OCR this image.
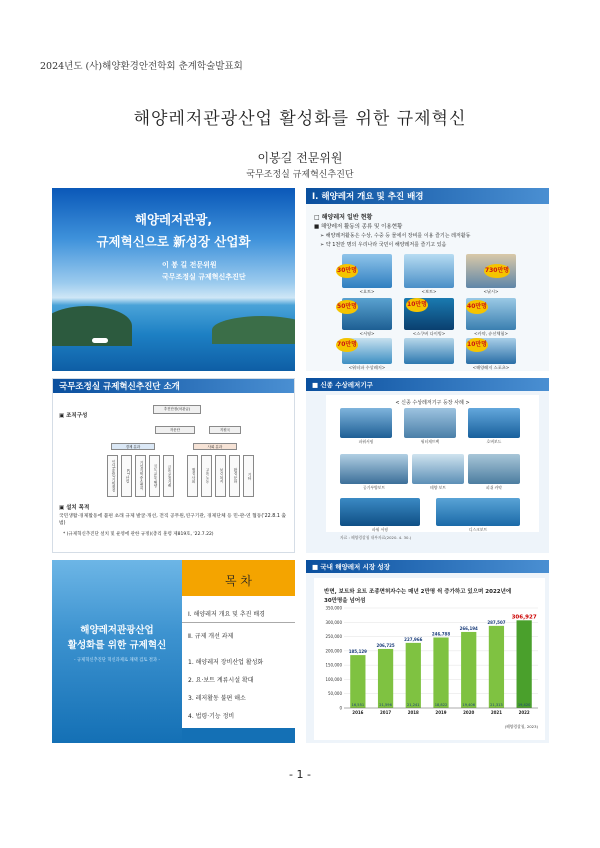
2024년도 (사)해양환경안전학회 춘계학술발표회
해양레저관광산업 활성화를 위한 규제혁신
이봉길 전문위원
국무조정실 규제혁신추진단
해양레저관광,
규제혁신으로 新성장 산업화
이 봉 길 전문위원
국무조정실 규제혁신추진단
Ⅰ. 해양레저 개요 및 추진 배경
□ 해양레저 일반 현황
■ 해양레저 활동의 종류 및 이용현황
➢ 해양레저활동은 수상, 수중 등 물에서 장비를 이용 즐기는 레저활동
➢ 약 1천만 명의 우리나라 국민이 해양레저를 즐기고 있음
30만명	730만명
50만명	10만명	40만명
70만명	10만명
<요트>	<보트>	<낚시>
<서핑>	<스쿠버 다이빙>	<카약, 슈선체험>
<워터파 수상레저>	<해양레저 스포츠>
국무조정실 규제혁신추진단 소개
▣ 조직구성
추진단장(차관급)
자문단	지원국
경제 분과	사회 분과
인사(총괄)·기획재정	ICT·산업	기업지원·중소벤처	국토·교통·해양	금융·공정거래	행정·사회	고용·노동	보건·복지	환경·문화	기타
▣ 설치 목적
국민생활·경제활동에 불편 초래 규제 발굴·개선, 전직 공무원,연구기관, 경제단체 등 민-관-연 협동('22.8.1 출범)
* (규제혁신추진단 설치 및 운영에 관한 규정)(총리 훈령 제819호, '22.7.22)
■ 신종 수상레저기구
< 신종 수상레저기구 등장 사례 >
파워서핑	워터제트팩	호버보드
공기부양보트	테양 보트	피쉬 카약
파워 서핑	디스크보트
자료 : 해양경찰청 내부자료(2020. 4. 30.)
해양레저관광산업
활성화를 위한 규제혁신
- 규제혁신추진단 혁신과제로 채택 검토 결과 -
목 차
Ⅰ. 해양레저 개요 및 추진 배경
Ⅱ. 규제 개선 과제
1. 해양레저 장비산업 활성화
2. 요·보트 계류시설 확대
3. 레저활동 불편 해소
4. 법령·기능 정비
■ 국내 해양레저 시장 성장
반면, 보트와 요트 조종면허자수는 매년 2만명 씩 증가하고 있으며 2022년에
30만명을 넘어섬
0
50,000
100,000
150,000
200,000
250,000
300,000
350,000
185,129
16,551
2016
206,725
21,596
2017
227,966
21,241
2018
246,788
18,822
2019
266,194
19,406
2020
287,507
21,313
2021
306,927
19,420
2022
(해양경찰청, 2023)
- 1 -
